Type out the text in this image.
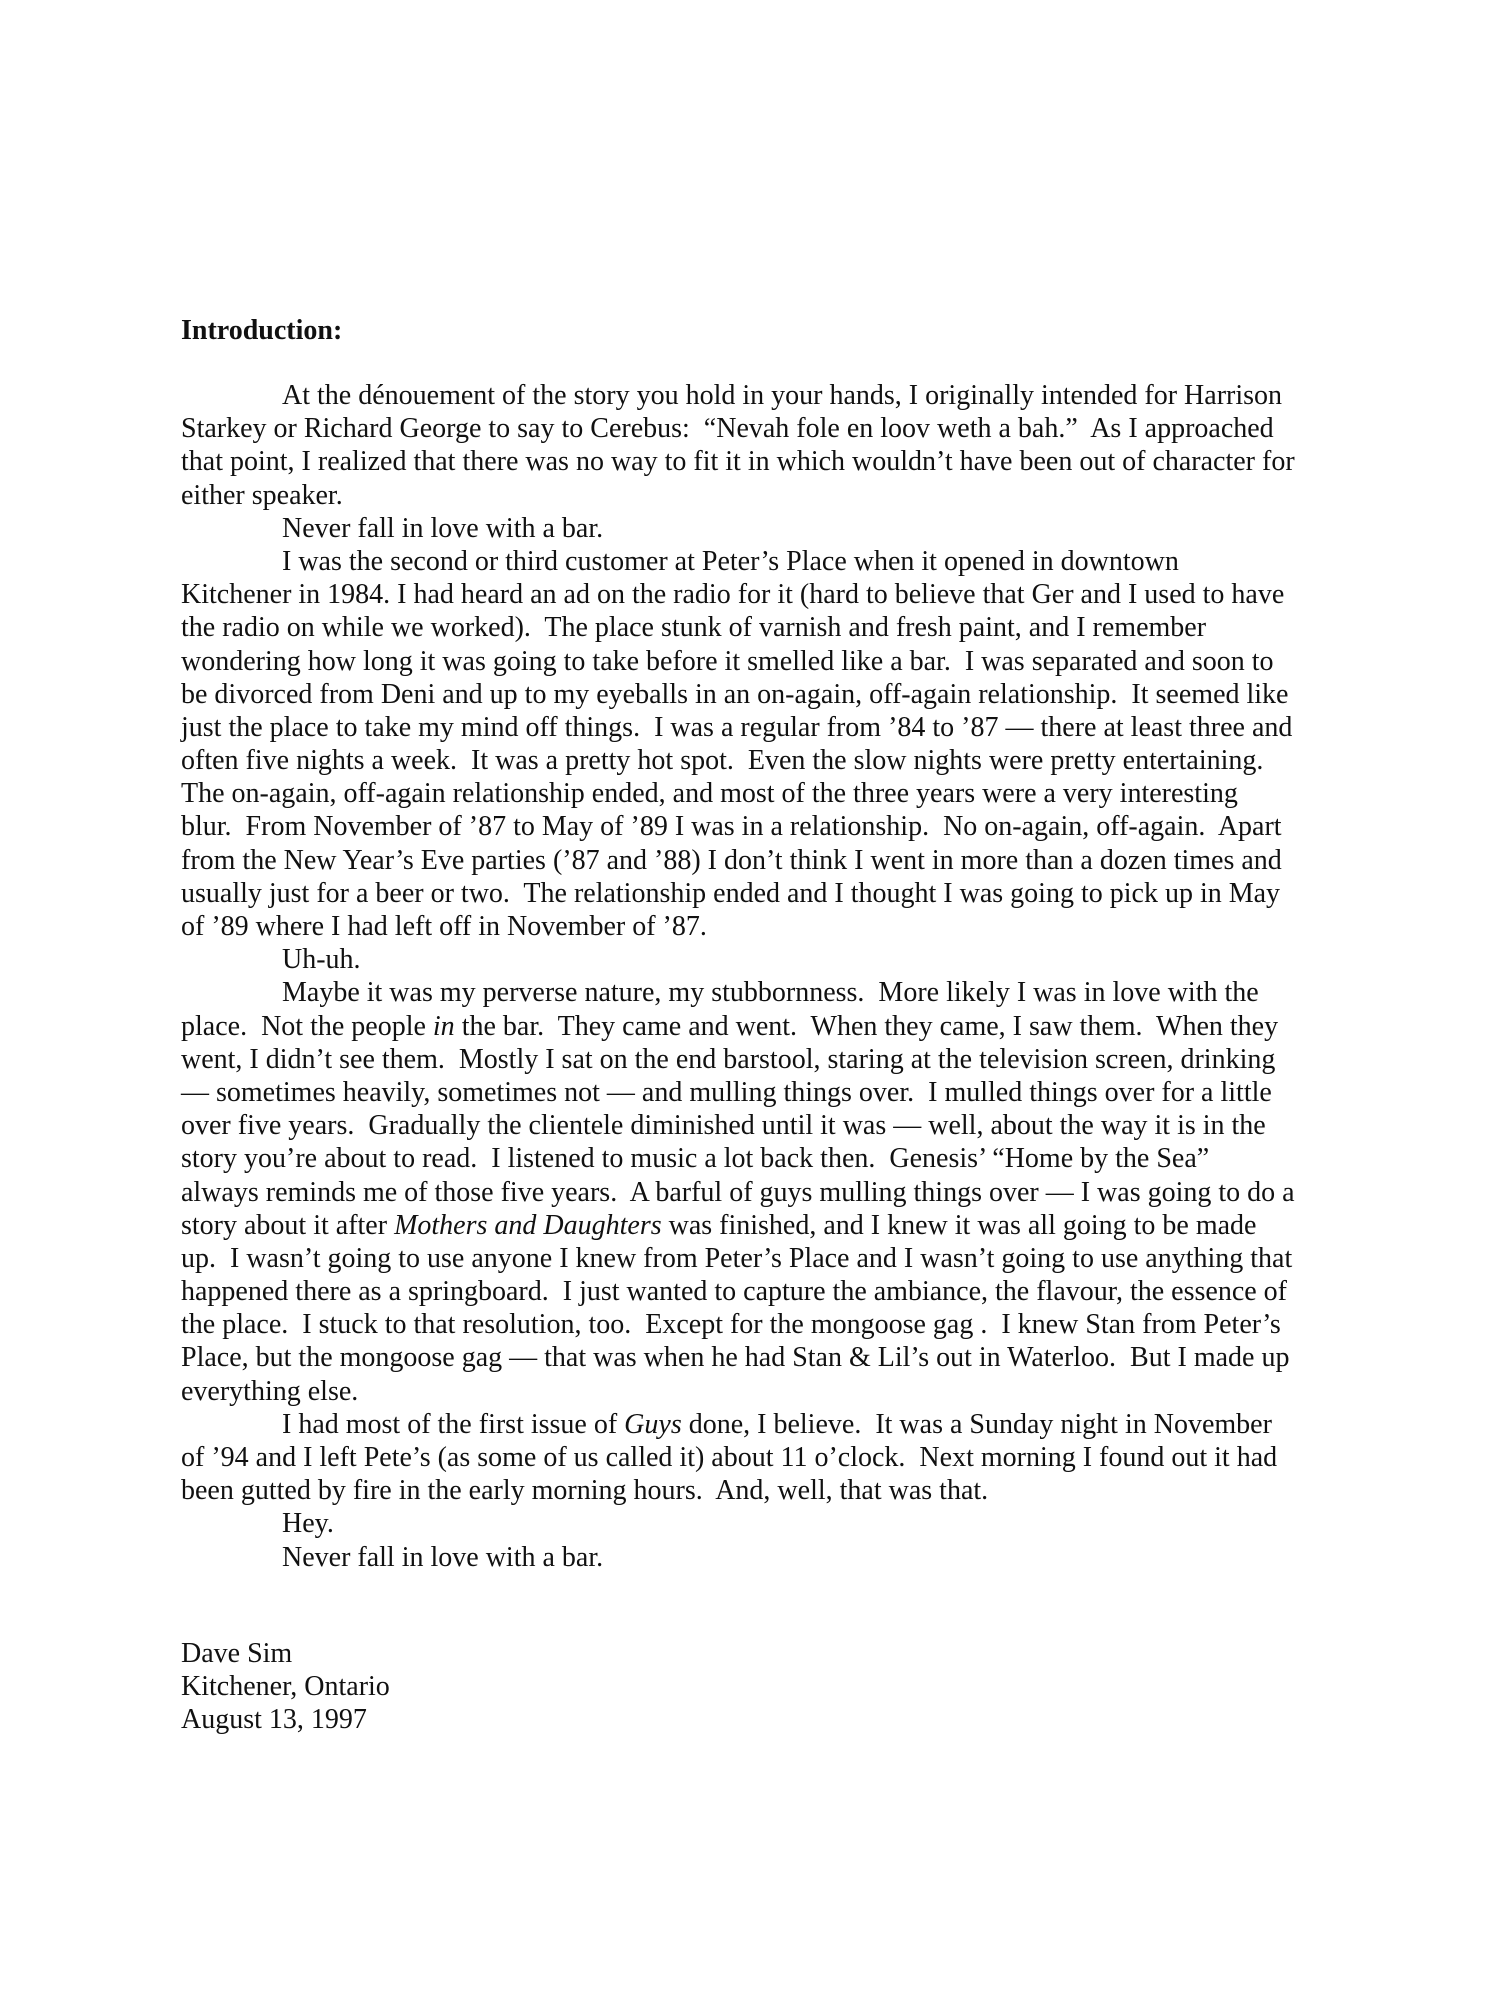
Introduction:
At the dénouement of the story you hold in your hands, I originally intended for Harrison
Starkey or Richard George to say to Cerebus:  “Nevah fole en loov weth a bah.”  As I approached
that point, I realized that there was no way to fit it in which wouldn’t have been out of character for
either speaker.
Never fall in love with a bar.
I was the second or third customer at Peter’s Place when it opened in downtown
Kitchener in 1984. I had heard an ad on the radio for it (hard to believe that Ger and I used to have
the radio on while we worked).  The place stunk of varnish and fresh paint, and I remember
wondering how long it was going to take before it smelled like a bar.  I was separated and soon to
be divorced from Deni and up to my eyeballs in an on-again, off-again relationship.  It seemed like
just the place to take my mind off things.  I was a regular from ’84 to ’87 — there at least three and
often five nights a week.  It was a pretty hot spot.  Even the slow nights were pretty entertaining.
The on-again, off-again relationship ended, and most of the three years were a very interesting
blur.  From November of ’87 to May of ’89 I was in a relationship.  No on-again, off-again.  Apart
from the New Year’s Eve parties (’87 and ’88) I don’t think I went in more than a dozen times and
usually just for a beer or two.  The relationship ended and I thought I was going to pick up in May
of ’89 where I had left off in November of ’87.
Uh-uh.
Maybe it was my perverse nature, my stubbornness.  More likely I was in love with the
place.  Not the people in the bar.  They came and went.  When they came, I saw them.  When they
went, I didn’t see them.  Mostly I sat on the end barstool, staring at the television screen, drinking
— sometimes heavily, sometimes not — and mulling things over.  I mulled things over for a little
over five years.  Gradually the clientele diminished until it was — well, about the way it is in the
story you’re about to read.  I listened to music a lot back then.  Genesis’ “Home by the Sea”
always reminds me of those five years.  A barful of guys mulling things over — I was going to do a
story about it after Mothers and Daughters was finished, and I knew it was all going to be made
up.  I wasn’t going to use anyone I knew from Peter’s Place and I wasn’t going to use anything that
happened there as a springboard.  I just wanted to capture the ambiance, the flavour, the essence of
the place.  I stuck to that resolution, too.  Except for the mongoose gag .  I knew Stan from Peter’s
Place, but the mongoose gag — that was when he had Stan & Lil’s out in Waterloo.  But I made up
everything else.
I had most of the first issue of Guys done, I believe.  It was a Sunday night in November
of ’94 and I left Pete’s (as some of us called it) about 11 o’clock.  Next morning I found out it had
been gutted by fire in the early morning hours.  And, well, that was that.
Hey.
Never fall in love with a bar.
Dave Sim
Kitchener, Ontario
August 13, 1997
